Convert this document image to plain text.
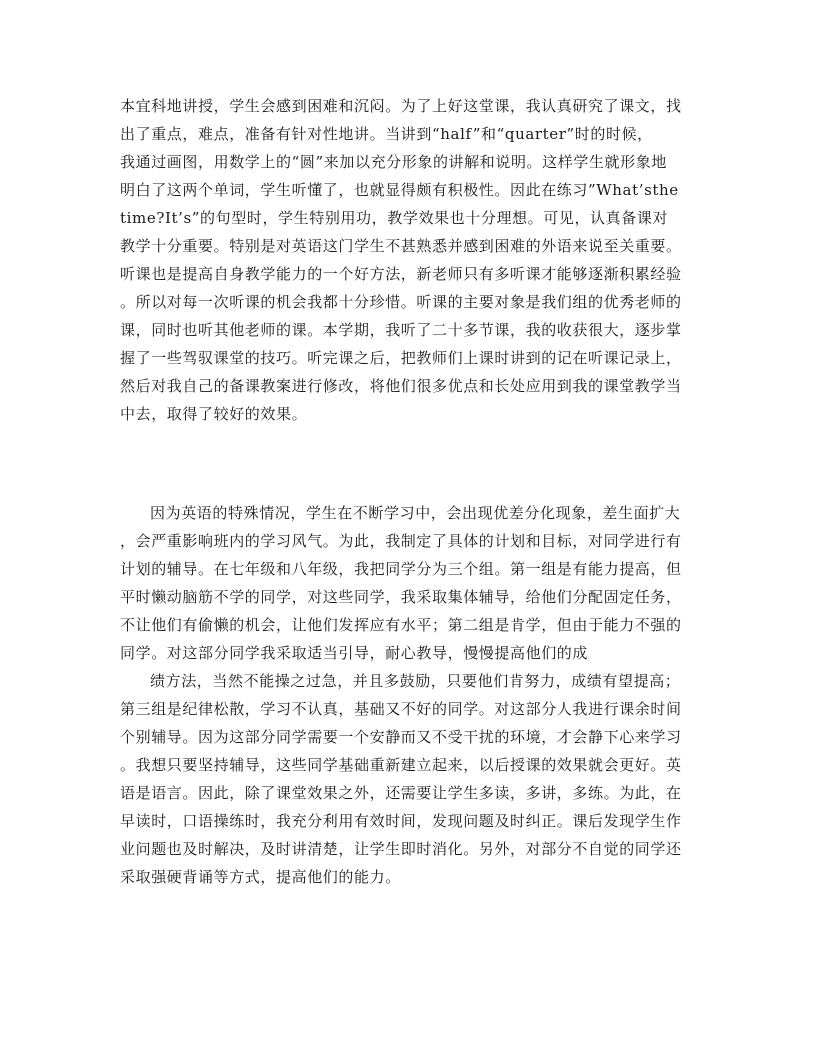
本宜科地讲授，学生会感到困难和沉闷。为了上好这堂课，我认真研究了课文，找
出了重点，难点，准备有针对性地讲。当讲到“half”和“quarter”时的时候，
我通过画图，用数学上的“圆”来加以充分形象的讲解和说明。这样学生就形象地
明白了这两个单词，学生听懂了，也就显得颇有积极性。因此在练习”What’sthe
time?It’s”的句型时，学生特别用功，教学效果也十分理想。可见，认真备课对
教学十分重要。特别是对英语这门学生不甚熟悉并感到困难的外语来说至关重要。
听课也是提高自身教学能力的一个好方法，新老师只有多听课才能够逐渐积累经验
。所以对每一次听课的机会我都十分珍惜。听课的主要对象是我们组的优秀老师的
课，同时也听其他老师的课。本学期，我听了二十多节课，我的收获很大，逐步掌
握了一些驾驭课堂的技巧。听完课之后，把教师们上课时讲到的记在听课记录上，
然后对我自己的备课教案进行修改，将他们很多优点和长处应用到我的课堂教学当
中去，取得了较好的效果。
因为英语的特殊情况，学生在不断学习中，会出现优差分化现象，差生面扩大
，会严重影响班内的学习风气。为此，我制定了具体的计划和目标，对同学进行有
计划的辅导。在七年级和八年级，我把同学分为三个组。第一组是有能力提高，但
平时懒动脑筋不学的同学，对这些同学，我采取集体辅导，给他们分配固定任务，
不让他们有偷懒的机会，让他们发挥应有水平；第二组是肯学，但由于能力不强的
同学。对这部分同学我采取适当引导，耐心教导，慢慢提高他们的成
绩方法，当然不能操之过急，并且多鼓励，只要他们肯努力，成绩有望提高；
第三组是纪律松散，学习不认真，基础又不好的同学。对这部分人我进行课余时间
个别辅导。因为这部分同学需要一个安静而又不受干扰的环境，才会静下心来学习
。我想只要坚持辅导，这些同学基础重新建立起来，以后授课的效果就会更好。英
语是语言。因此，除了课堂效果之外，还需要让学生多读，多讲，多练。为此，在
早读时，口语操练时，我充分利用有效时间，发现问题及时纠正。课后发现学生作
业问题也及时解决，及时讲清楚，让学生即时消化。另外，对部分不自觉的同学还
采取强硬背诵等方式，提高他们的能力。
